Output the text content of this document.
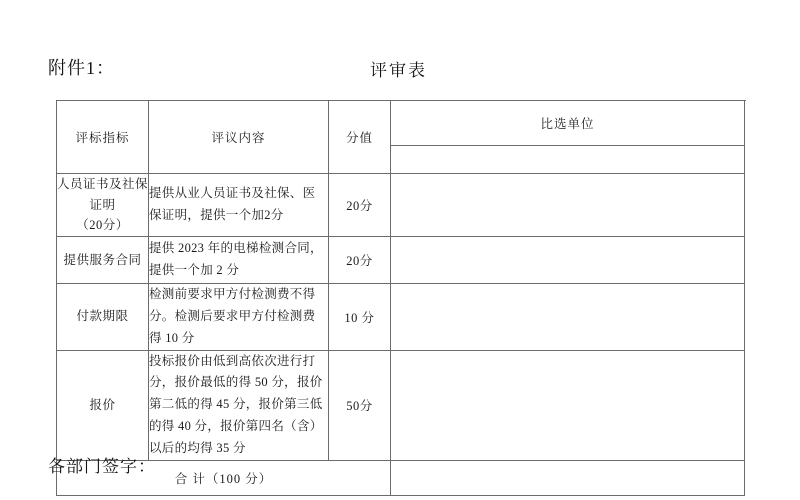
附件1：	评审表
评标指标	评议内容	分值	比选单位	

人员证书及社保
证明
（20分）	提供从业人员证书及社保、医保证明，提供一个加2分	20分				
提供服务合同	提供 2023 年的电梯检测合同，提供一个加 2 分	20分				
付款期限	检测前要求甲方付检测费不得分。检测后要求甲方付检测费得 10 分	10 分				
报价	投标报价由低到高依次进行打分，报价最低的得 50 分，报价第二低的得 45 分，报价第三低的得 40 分，报价第四名（含）以后的均得 35 分	50分				
合 计（100 分）				
各部门签字：
